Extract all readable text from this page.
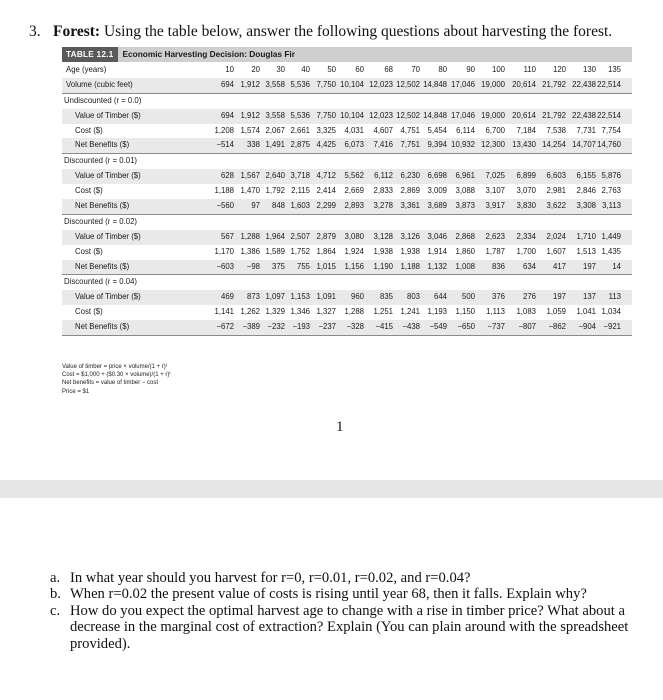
3. Forest: Using the table below, answer the following questions about harvesting the forest.
TABLE 12.1 Economic Harvesting Decision: Douglas Fir
Age (years)	10	20	30	40	50	60	68	70	80	90	100	110	120	130	135
Volume (cubic feet)	694 1,912 3,558 5,536 7,750 10,104 12,023 12,502 14,848 17,046 19,000 20,614 21,792 22,438 22,514
Undiscounted (r = 0.0)
Value of Timber ($)	694 1,912 3,558 5,536 7,750 10,104 12,023 12,502 14,848 17,046 19,000 20,614 21,792 22,438 22,514
Cost ($)	1,208 1,574 2,067 2,661 3,325	4,031	4,607 4,751 5,454	6,114	6,700	7,184	7,538	7,731 7,754
Net Benefits ($)	−514	338 1,491 2,875 4,425	6,073	7,416 7,751 9,394 10,932 12,300 13,430 14,254 14,707 14,760
Discounted (r = 0.01)
Value of Timber ($)	628 1,567 2,640 3,718 4,712	5,562	6,112 6,230 6,698	6,961	7,025	6,899	6,603	6,155 5,876
Cost ($)	1,188 1,470 1,792 2,115 2,414	2,669	2,833 2,869 3,009	3,088	3,107	3,070	2,981	2,846 2,763
Net Benefits ($)	−560	97	848 1,603 2,299	2,893	3,278 3,361 3,689	3,873	3,917	3,830	3,622	3,308 3,113
Discounted (r = 0.02)
Value of Timber ($)	567 1,288 1,964 2,507 2,879	3,080	3,128 3,126 3,046	2,868	2,623	2,334	2,024	1,710 1,449
Cost ($)	1,170 1,386 1,589 1,752 1,864	1,924	1,938 1,938 1,914	1,860	1,787	1,700	1,607	1,513 1,435
Net Benefits ($)	−603	−98	375	755 1,015	1,156	1,190 1,188 1,132	1,008	836	634	417	197	14
Discounted (r = 0.04)
Value of Timber ($)	469	873 1,097 1,153 1,091	960	835	803	644	500	376	276	197	137	113
Cost ($)	1,141 1,262 1,329 1,346 1,327	1,288	1,251 1,241 1,193	1,150	1,113	1,083	1,059	1,041 1,034
Net Benefits ($)	−672	−389 −232 −193	−237	−328	−415	−438	−549	−650	−737	−807	−862	−904 −921
Value of timber = price × volume/(1 + r)ᵗ
Cost = $1,000 + ($0.30 × volume)/(1 + r)ᵗ
Net benefits = value of timber − cost
Price = $1
1
a. In what year should you harvest for r=0, r=0.01, r=0.02, and r=0.04?
b. When r=0.02 the present value of costs is rising until year 68, then it falls. Explain why?
c. How do you expect the optimal harvest age to change with a rise in timber price? What about a decrease in the marginal cost of extraction? Explain (You can plain around with the spreadsheet provided).
